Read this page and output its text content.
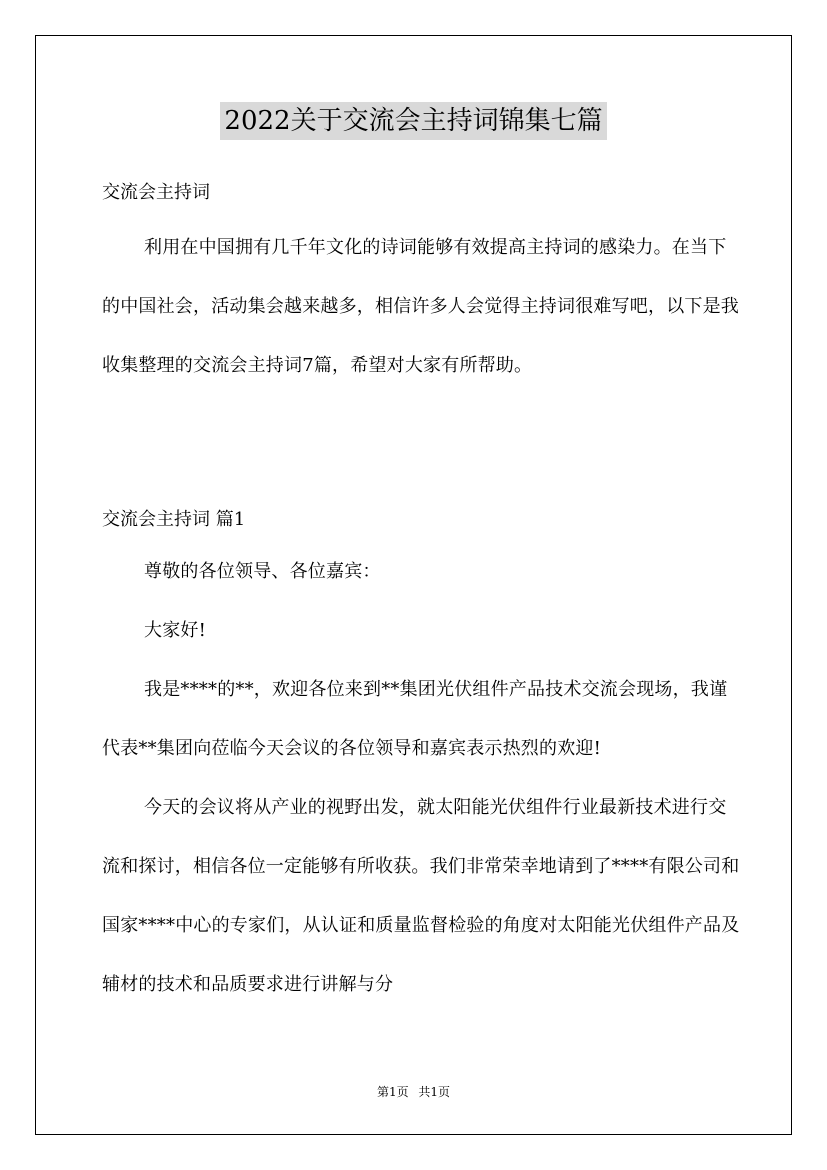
2022关于交流会主持词锦集七篇
交流会主持词

利用在中国拥有几千年文化的诗词能够有效提高主持词的感染力。在当下的中国社会，活动集会越来越多，相信许多人会觉得主持词很难写吧，以下是我收集整理的交流会主持词7篇，希望对大家有所帮助。

交流会主持词 篇1

尊敬的各位领导、各位嘉宾：

大家好!

我是****的**，欢迎各位来到**集团光伏组件产品技术交流会现场，我谨代表**集团向莅临今天会议的各位领导和嘉宾表示热烈的欢迎!

今天的会议将从产业的视野出发，就太阳能光伏组件行业最新技术进行交流和探讨，相信各位一定能够有所收获。我们非常荣幸地请到了****有限公司和国家****中心的专家们，从认证和质量监督检验的角度对太阳能光伏组件产品及辅材的技术和品质要求进行讲解与分

第1页 共1页
